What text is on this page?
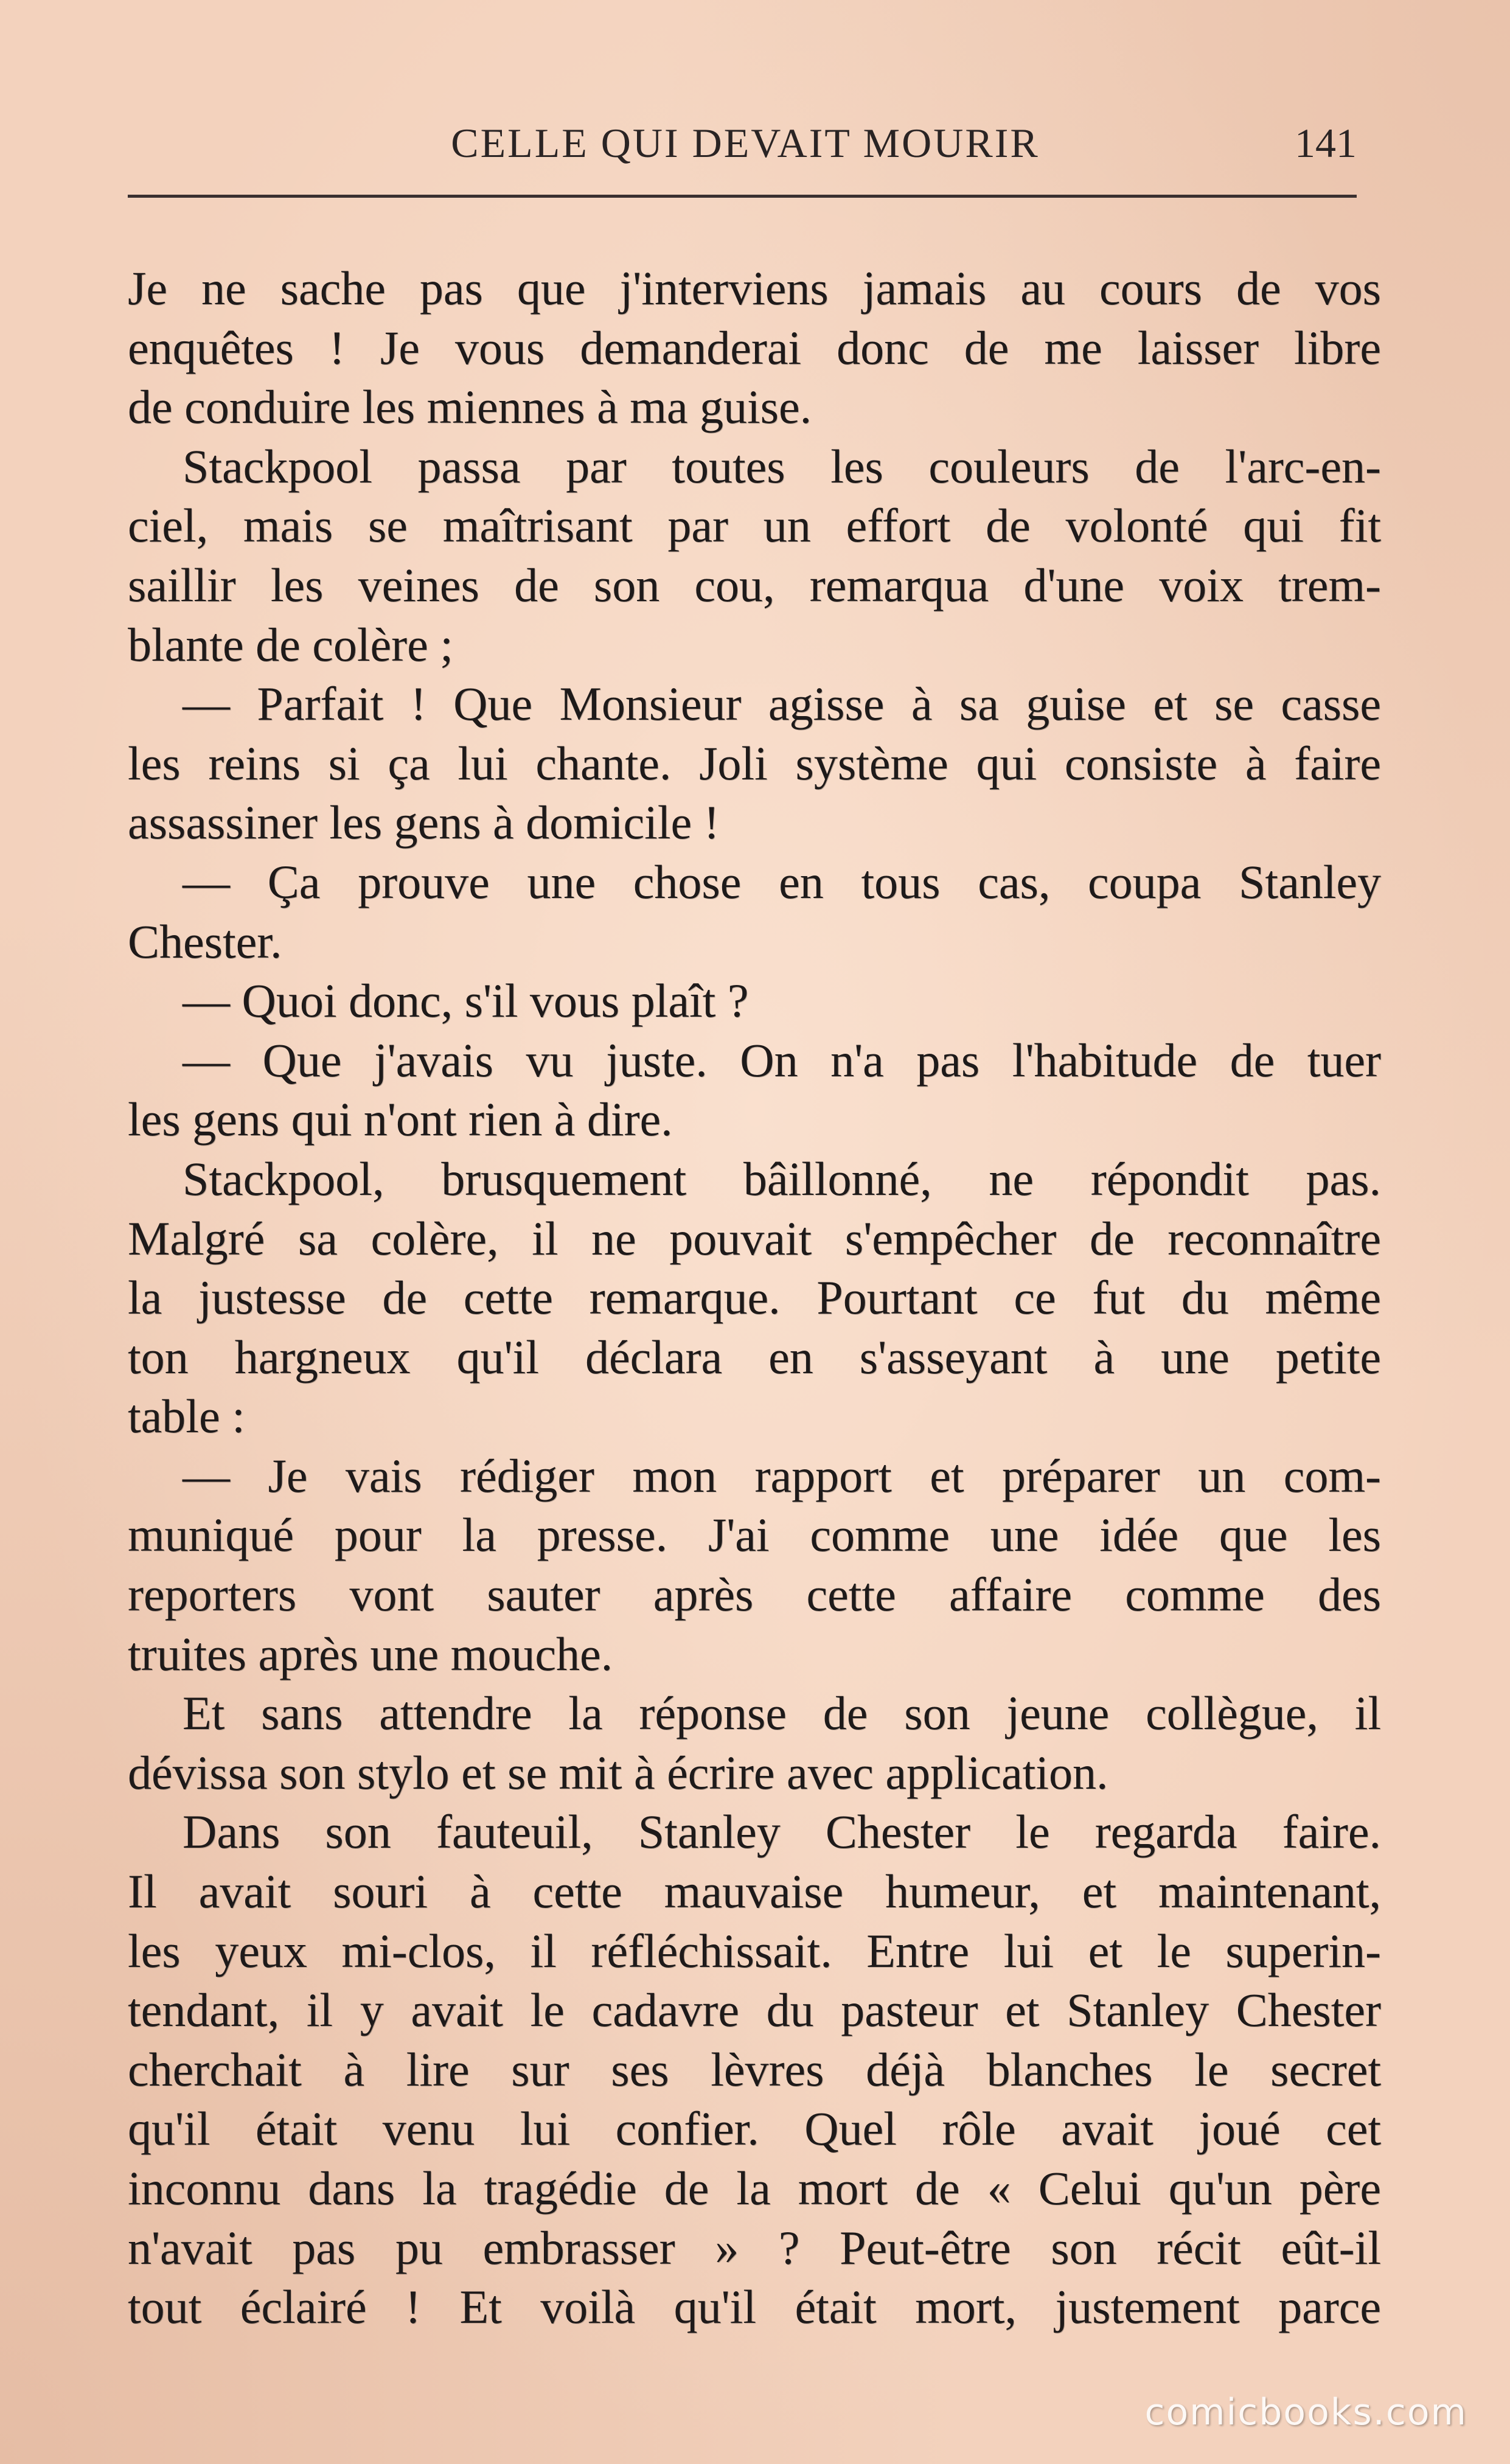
CELLE QUI DEVAIT MOURIR	141
Je ne sache pas que j'interviens jamais au cours de vos
enquêtes ! Je vous demanderai donc de me laisser libre
de conduire les miennes à ma guise.
Stackpool passa par toutes les couleurs de l'arc-en-
ciel, mais se maîtrisant par un effort de volonté qui fit
saillir les veines de son cou, remarqua d'une voix trem-
blante de colère ;
— Parfait ! Que Monsieur agisse à sa guise et se casse
les reins si ça lui chante. Joli système qui consiste à faire
assassiner les gens à domicile !
— Ça prouve une chose en tous cas, coupa Stanley
Chester.
— Quoi donc, s'il vous plaît ?
— Que j'avais vu juste. On n'a pas l'habitude de tuer
les gens qui n'ont rien à dire.
Stackpool, brusquement bâillonné, ne répondit pas.
Malgré sa colère, il ne pouvait s'empêcher de reconnaître
la justesse de cette remarque. Pourtant ce fut du même
ton hargneux qu'il déclara en s'asseyant à une petite
table :
— Je vais rédiger mon rapport et préparer un com-
muniqué pour la presse. J'ai comme une idée que les
reporters vont sauter après cette affaire comme des
truites après une mouche.
Et sans attendre la réponse de son jeune collègue, il
dévissa son stylo et se mit à écrire avec application.
Dans son fauteuil, Stanley Chester le regarda faire.
Il avait souri à cette mauvaise humeur, et maintenant,
les yeux mi-clos, il réfléchissait. Entre lui et le superin-
tendant, il y avait le cadavre du pasteur et Stanley Chester
cherchait à lire sur ses lèvres déjà blanches le secret
qu'il était venu lui confier. Quel rôle avait joué cet
inconnu dans la tragédie de la mort de « Celui qu'un père
n'avait pas pu embrasser » ? Peut-être son récit eût-il
tout éclairé ! Et voilà qu'il était mort, justement parce
comicbooks.com
